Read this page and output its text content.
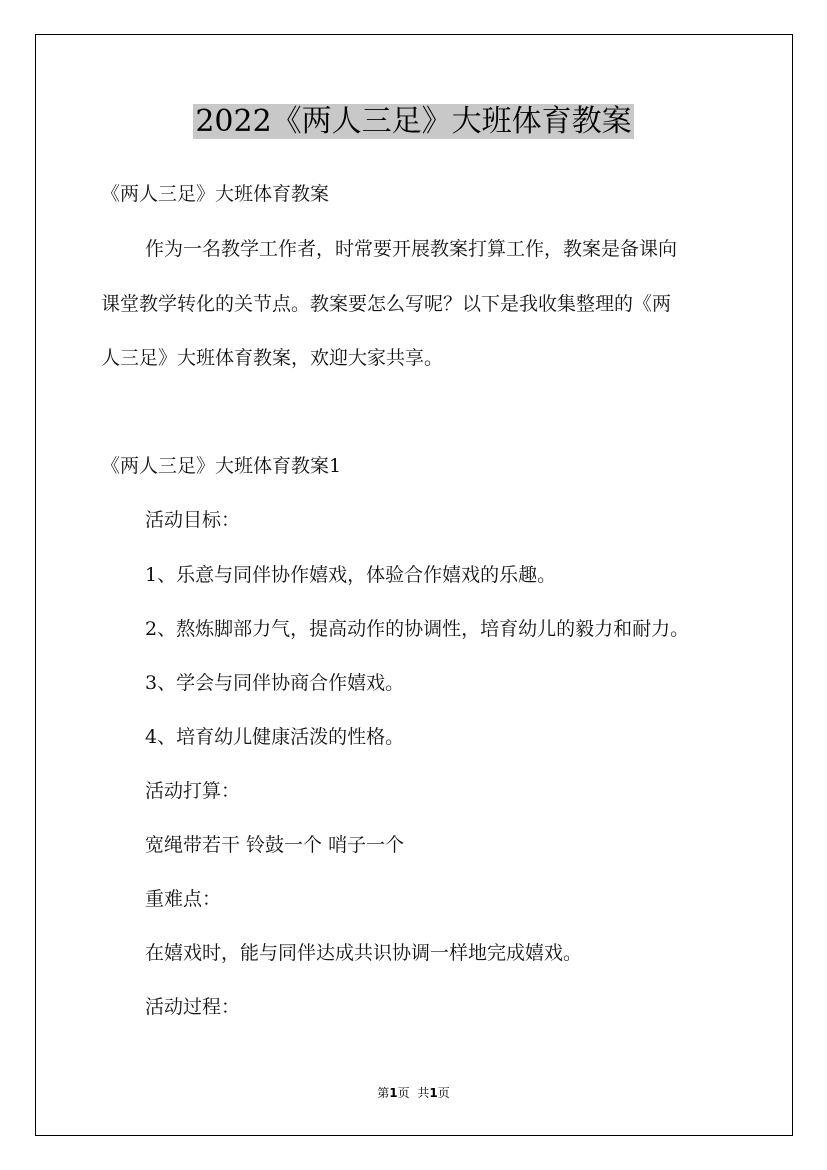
2022《两人三足》大班体育教案
《两人三足》大班体育教案
作为一名教学工作者，时常要开展教案打算工作，教案是备课向
课堂教学转化的关节点。教案要怎么写呢？以下是我收集整理的《两
人三足》大班体育教案，欢迎大家共享。
《两人三足》大班体育教案1
活动目标：
1、乐意与同伴协作嬉戏，体验合作嬉戏的乐趣。
2、熬炼脚部力气，提高动作的协调性，培育幼儿的毅力和耐力。
3、学会与同伴协商合作嬉戏。
4、培育幼儿健康活泼的性格。
活动打算：
宽绳带若干 铃鼓一个 哨子一个
重难点：
在嬉戏时，能与同伴达成共识协调一样地完成嬉戏。
活动过程：
第1页 共1页
